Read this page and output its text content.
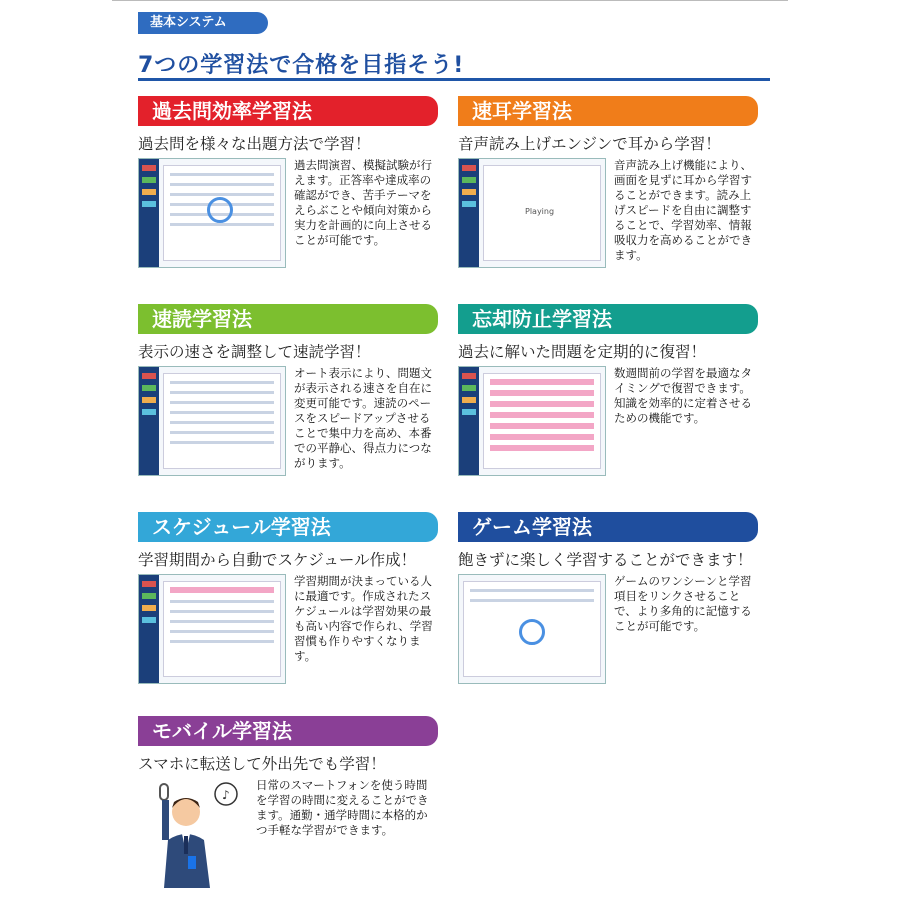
基本システム
7つの学習法で合格を目指そう!
過去問効率学習法
過去問を様々な出題方法で学習！
過去問演習、模擬試験が行えます。正答率や達成率の確認ができ、苦手テーマをえらぶことや傾向対策から実力を計画的に向上させることが可能です。
速耳学習法
音声読み上げエンジンで耳から学習！
Playing
音声読み上げ機能により、画面を見ずに耳から学習することができます。読み上げスピードを自由に調整することで、学習効率、情報吸収力を高めることができます。
速読学習法
表示の速さを調整して速読学習！
オート表示により、問題文が表示される速さを自在に変更可能です。速読のペースをスピードアップさせることで集中力を高め、本番での平静心、得点力につながります。
忘却防止学習法
過去に解いた問題を定期的に復習！
数週間前の学習を最適なタイミングで復習できます。知識を効率的に定着させるための機能です。
スケジュール学習法
学習期間から自動でスケジュール作成！
学習期間が決まっている人に最適です。作成されたスケジュールは学習効果の最も高い内容で作られ、学習習慣も作りやすくなります。
ゲーム学習法
飽きずに楽しく学習することができます！
ゲームのワンシーンと学習項目をリンクさせることで、より多角的に記憶することが可能です。
モバイル学習法
スマホに転送して外出先でも学習！
♪
日常のスマートフォンを使う時間を学習の時間に変えることができます。通勤・通学時間に本格的かつ手軽な学習ができます。
